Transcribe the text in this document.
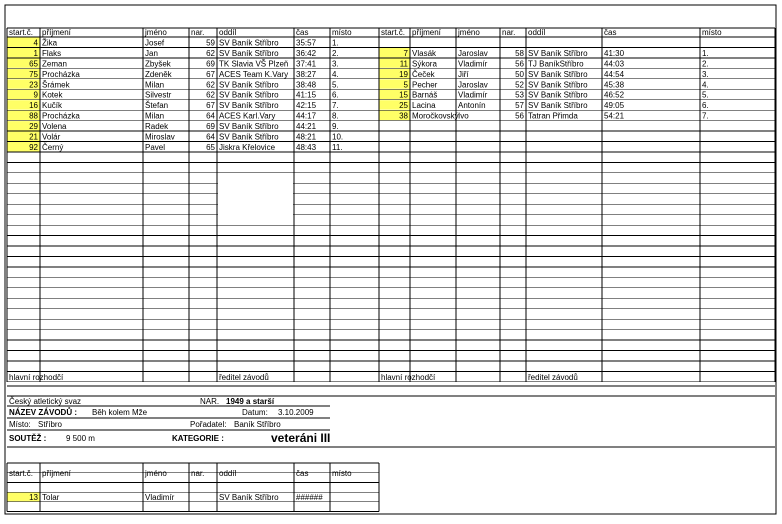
start.č. příjmení	jméno	nar. oddíl	čas	místo	start.č. příjmení jméno	nar. oddíl	čas	místo
4 Žika	Josef	59 SV Baník Stříbro 35:57 1.
1 Flaks	Jan	62 SV Baník Stříbro 36:42 2.
65 Zeman	Zbyšek	69 TK Slavia VŠ Plzeň 37:41 3.
75 Procházka	Zdeněk	67 ACES Team K.Vary 38:27 4.
23 Šrámek	Milan	62 SV Baník Stříbro 38:48 5.
9 Kotek	Silvestr	62 SV Baník Stříbro 41:15 6.
16 Kučík	Štefan	67 SV Baník Stříbro 42:15 7.
88 Procházka	Milan	64 ACES Karl.Vary	44:17 8.
29 Volena	Radek	69 SV Baník Stříbro 44:21 9.
21 Volár	Miroslav	64 SV Baník Stříbro 48:21 10.
92 Černý	Pavel	65 Jiskra Křelovice	48:43 11.
7 Vlasák	Jaroslav	58 SV Baník Stříbro 41:30	1.
11 Sýkora	Vladimír	56 TJ BaníkStříbro	44:03	2.
19 Čeček	Jiří	50 SV Baník Stříbro 44:54	3.
5 Pecher	Jaroslav	52 SV Baník Stříbro 45:38	4.
15 Barnáš	Vladimír	53 SV Baník Stříbro 46:52	5.
25 Lacina	Antonín	57 SV Baník Stříbro 49:05	6.
38 Moročkovský Ivo	56 Tatran Přimda	54:21	7.
hlavní rozhodčí	ředitel závodů	hlavní rozhodčí	ředitel závodů
Český atletický svaz	NAR. 1949 a starší
NÁZEV ZÁVODŮ : Běh kolem Mže	Datum: 3.10.2009
Místo: Stříbro	Pořadatel: Baník Stříbro
SOUTĚŽ : 9 500 m	KATEGORIE :	veteráni III
start.č. příjmení	jméno	nar. oddíl	čas	místo
13 Tolar	Vladimír	SV Baník Stříbro ######
